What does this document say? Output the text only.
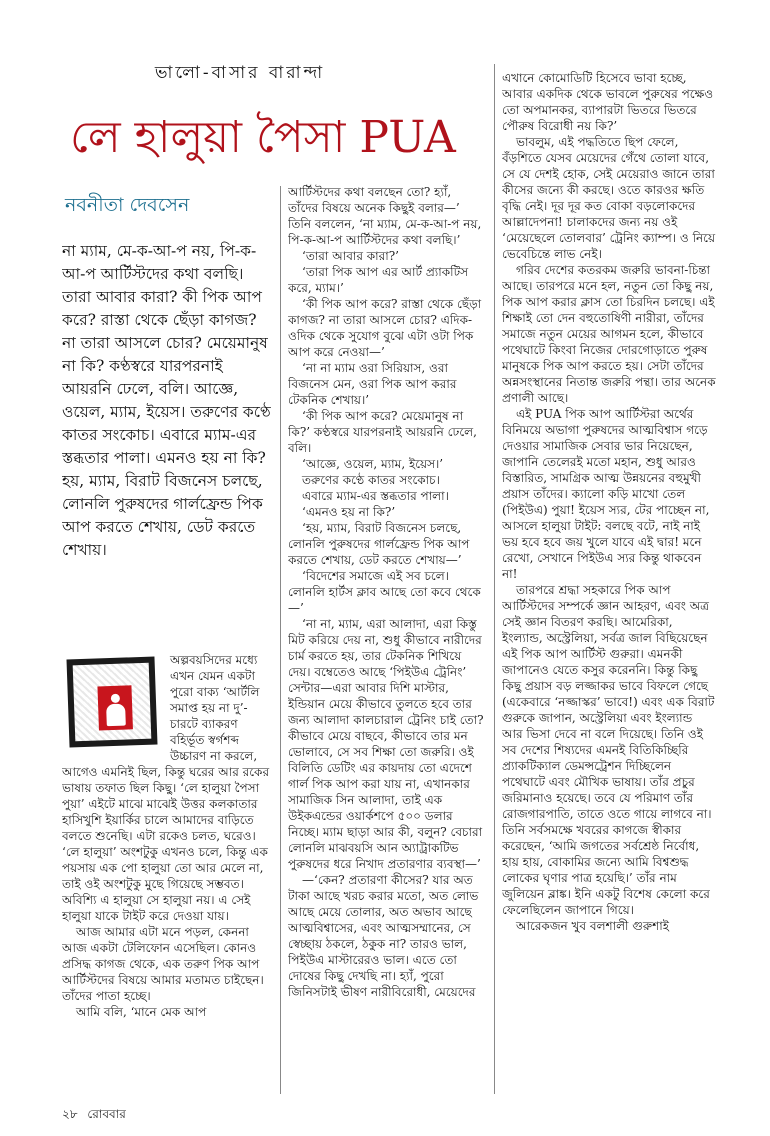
ভালো-বাসার বারান্দা
লে হালুয়া পৈসা PUA
নবনীতা দেবসেন

না ম্যাম, মে-ক-আ-প নয়, পি-ক-আ-প আর্টিস্টদের কথা বলছি। তারা আবার কারা? কী পিক আপ করে? রাস্তা থেকে ছেঁড়া কাগজ? না তারা আসলে চোর? মেয়েমানুষ না কি? কণ্ঠস্বরে যারপরনাই আয়রনি ঢেলে, বলি। আজ্ঞে, ওয়েল, ম্যাম, ইয়েস। তরুণের কণ্ঠে কাতর সংকোচ। এবারে ম্যাম-এর স্তব্ধতার পালা। এমনও হয় না কি? হয়, ম্যাম, বিরাট বিজনেস চলছে, লোনলি পুরুষদের গার্লফ্রেন্ড পিক আপ করতে শেখায়, ডেট করতে শেখায়।

অল্পবয়সিদের মধ্যে এখন যেমন একটা পুরো বাক্য ‘আর্টলি সমাপ্ত হয় না দু’-চারটে ব্যাকরণ বহির্ভূত স্বর্গশব্দ উচ্চারণ না করলে, আগেও এমনিই ছিল, কিন্তু ঘরের আর রকের ভাষায় তফাত ছিল কিছু। ‘লে হালুয়া পৈসা পুয়া’ এইটে মাঝে মাঝেই উত্তর কলকাতার হাসিখুশি ইয়ার্কির চালে আমাদের বাড়িতে বলতে শুনেছি। এটা রকেও চলত, ঘরেও। ‘লে হালুয়া’ অংশটুকু এখনও চলে, কিন্তু এক পয়সায় এক পো হালুয়া তো আর মেলে না, তাই ওই অংশটুকু মুছে গিয়েছে সম্ভবত। অবিশ্যি এ হালুয়া সে হালুয়া নয়। এ সেই হালুয়া যাকে টাইট করে দেওয়া যায়।

আজ আমার এটা মনে পড়ল, কেননা আজ একটা টেলিফোন এসেছিল। কোনও প্রসিদ্ধ কাগজ থেকে, এক তরুণ পিক আপ আর্টিস্টদের বিষয়ে আমার মতামত চাইছেন। তাঁদের পাতা হচ্ছে।

আমি বলি, ‘মানে মেক আপ

আর্টিস্টদের কথা বলছেন তো? হ্যাঁ, তাঁদের বিষয়ে অনেক কিছুই বলার—’ তিনি বললেন, ‘না ম্যাম, মে-ক-আ-প নয়, পি-ক-আ-প আর্টিস্টদের কথা বলছি।’

‘তারা আবার কারা?’

‘তারা পিক আপ এর আর্ট প্র্যাকটিস করে, ম্যাম।’

‘কী পিক আপ করে? রাস্তা থেকে ছেঁড়া কাগজ? না তারা আসলে চোর? এদিক-ওদিক থেকে সুযোগ বুঝে এটা ওটা পিক আপ করে নেওয়া—’

‘না না ম্যাম ওরা সিরিয়াস, ওরা বিজনেস মেন, ওরা পিক আপ করার টেকনিক শেখায়।’

‘কী পিক আপ করে? মেয়েমানুষ না কি?’ কণ্ঠস্বরে যারপরনাই আয়রনি ঢেলে, বলি।

‘আজ্ঞে, ওয়েল, ম্যাম, ইয়েস।’

তরুণের কণ্ঠে কাতর সংকোচ।

এবারে ম্যাম-এর স্তব্ধতার পালা।

‘এমনও হয় না কি?’

‘হয়, ম্যাম, বিরাট বিজনেস চলছে, লোনলি পুরুষদের গার্লফ্রেন্ড পিক আপ করতে শেখায়, ডেট করতে শেখায়—’

‘বিদেশের সমাজে এই সব চলে। লোনলি হার্টস ক্লাব আছে তো কবে থেকে—’

‘না না, ম্যাম, এরা আলাদা, এরা কিস্তু মিট করিয়ে দেয় না, শুধু কীভাবে নারীদের চার্ম করতে হয়, তার টেকনিক শিখিয়ে দেয়। বম্বেতেও আছে ‘পিইউএ ট্রেনিং’ সেন্টার—এরা আবার দিশি মাস্টার, ইন্ডিয়ান মেয়ে কীভাবে তুলতে হবে তার জন্য আলাদা কালচারাল ট্রেনিং চাই তো? কীভাবে মেয়ে বাছবে, কীভাবে তার মন ভোলাবে, সে সব শিক্ষা তো জরুরি। ওই বিলিতি ডেটিং এর কায়দায় তো এদেশে গার্ল পিক আপ করা যায় না, এখানকার সামাজিক সিন আলাদা, তাই এক উইকএন্ডের ওয়ার্কশপে ৫০০ ডলার নিচ্ছে। ম্যাম ছাড়া আর কী, বলুন? বেচারা লোনলি মাঝবয়সি আন অ্যাট্রাকটিভ পুরুষদের ধরে নিখাদ প্রতারণার ব্যবস্থা—’

—‘কেন? প্রতারণা কীসের? যার অত টাকা আছে খরচ করার মতো, অত লোভ আছে মেয়ে তোলার, অত অভাব আছে আত্মবিশ্বাসের, এবং আত্মসম্মানের, সে স্বেচ্ছায় ঠকলে, ঠকুক না? তারও ভাল, পিইউএ মাস্টারেরও ভাল। এতে তো দোষের কিছু দেখছি না। হ্যাঁ, পুরো জিনিসটাই ভীষণ নারীবিরোধী, মেয়েদের

এখানে কোমোডিটি হিসেবে ভাবা হচ্ছে, আবার একদিক থেকে ভাবলে পুরুষের পক্ষেও তো অপমানকর, ব্যাপারটা ভিতরে ভিতরে পৌরুষ বিরোধী নয় কি?’

ভাবলুম, এই পদ্ধতিতে ছিপ ফেলে, বঁড়শিতে যেসব মেয়েদের গেঁথে তোলা যাবে, সে যে দেশই হোক, সেই মেয়েরাও জানে তারা কীসের জন্যে কী করছে। ওতে কারওর ক্ষতি বৃদ্ধি নেই। দূর দূর কত বোকা বড়লোকদের আল্লাদেপনা! চালাকদের জন্য নয় ওই ‘মেয়েছেলে তোলবার’ ট্রেনিং ক্যাম্প। ও নিয়ে ভেবেচিন্তে লাভ নেই।

গরিব দেশের কতরকম জরুরি ভাবনা-চিন্তা আছে। তারপরে মনে হল, নতুন তো কিছু নয়, পিক আপ করার ক্লাস তো চিরদিন চলছে। এই শিক্ষাই তো দেন বহুতোষিণী নারীরা, তাঁদের সমাজে নতুন মেয়ের আগমন হলে, কীভাবে পথেঘাটে কিংবা নিজের দোরগোড়াতে পুরুষ মানুষকে পিক আপ করতে হয়। সেটা তাঁদের অন্নসংস্থানের নিতান্ত জরুরি পন্থা। তার অনেক প্রণালী আছে।

এই PUA পিক আপ আর্টিস্টরা অর্থের বিনিময়ে অভাগা পুরুষদের আত্মবিশ্বাস গড়ে দেওয়ার সামাজিক সেবার ভার নিয়েছেন, জাপানি তেলেরই মতো মহান, শুধু আরও বিস্তারিত, সামগ্রিক আত্ম উন্নয়নের বহুমুখী প্রয়াস তাঁদের। ক্যালো কড়ি মাখো তেল (পিইউএ) পুয়া! ইয়েস স্যর, টের পাচ্ছেন না, আসলে হালুয়া টাইট: বলছে বটে, নাই নাই ভয় হবে হবে জয় খুলে যাবে এই দ্বার! মনে রেখো, সেখানে পিইউএ স্যর কিন্তু থাকবেন না!

তারপরে শ্রদ্ধা সহকারে পিক আপ আর্টিস্টদের সম্পর্কে জ্ঞান আহরণ, এবং অত্র সেই জ্ঞান বিতরণ করছি। আমেরিকা, ইংল্যান্ড, অস্ট্রেলিয়া, সর্বত্র জাল বিছিয়েছেন এই পিক আপ আর্টিস্ট গুরুরা। এমনকী জাপানেও যেতে কসুর করেননি। কিন্তু কিছু কিছু প্রয়াস বড় লজ্জাকর ভাবে বিফলে গেছে (একেবারে ‘নজ্জাস্কর’ ভাবে!) এবং এক বিরাট গুরুকে জাপান, অস্ট্রেলিয়া এবং ইংল্যান্ড আর ভিসা দেবে না বলে দিয়েছে। তিনি ওই সব দেশের শিষ্যদের এমনই বিতিকিচ্ছিরি প্র্যাকটিক্যাল ডেমন্সট্রেশন দিচ্ছিলেন পথেঘাটে এবং মৌখিক ভাষায়। তাঁর প্রচুর জরিমানাও হয়েছে। তবে যে পরিমাণ তাঁর রোজগারপাতি, তাতে ওতে গায়ে লাগবে না। তিনি সর্বসমক্ষে খবরের কাগজে স্বীকার করেছেন, ‘আমি জগতের সর্বশ্রেষ্ঠ নির্বোধ, হায় হায়, বোকামির জন্যে আমি বিশ্বশুদ্ধ লোকের ঘৃণার পাত্র হয়েছি।’ তাঁর নাম জুলিয়েন ব্লাঙ্ক। ইনি একটু বিশেষ কেলো করে ফেলেছিলেন জাপানে গিয়ে।

আরেকজন খুব বলশালী গুরুশাই

২৮ রোববার
